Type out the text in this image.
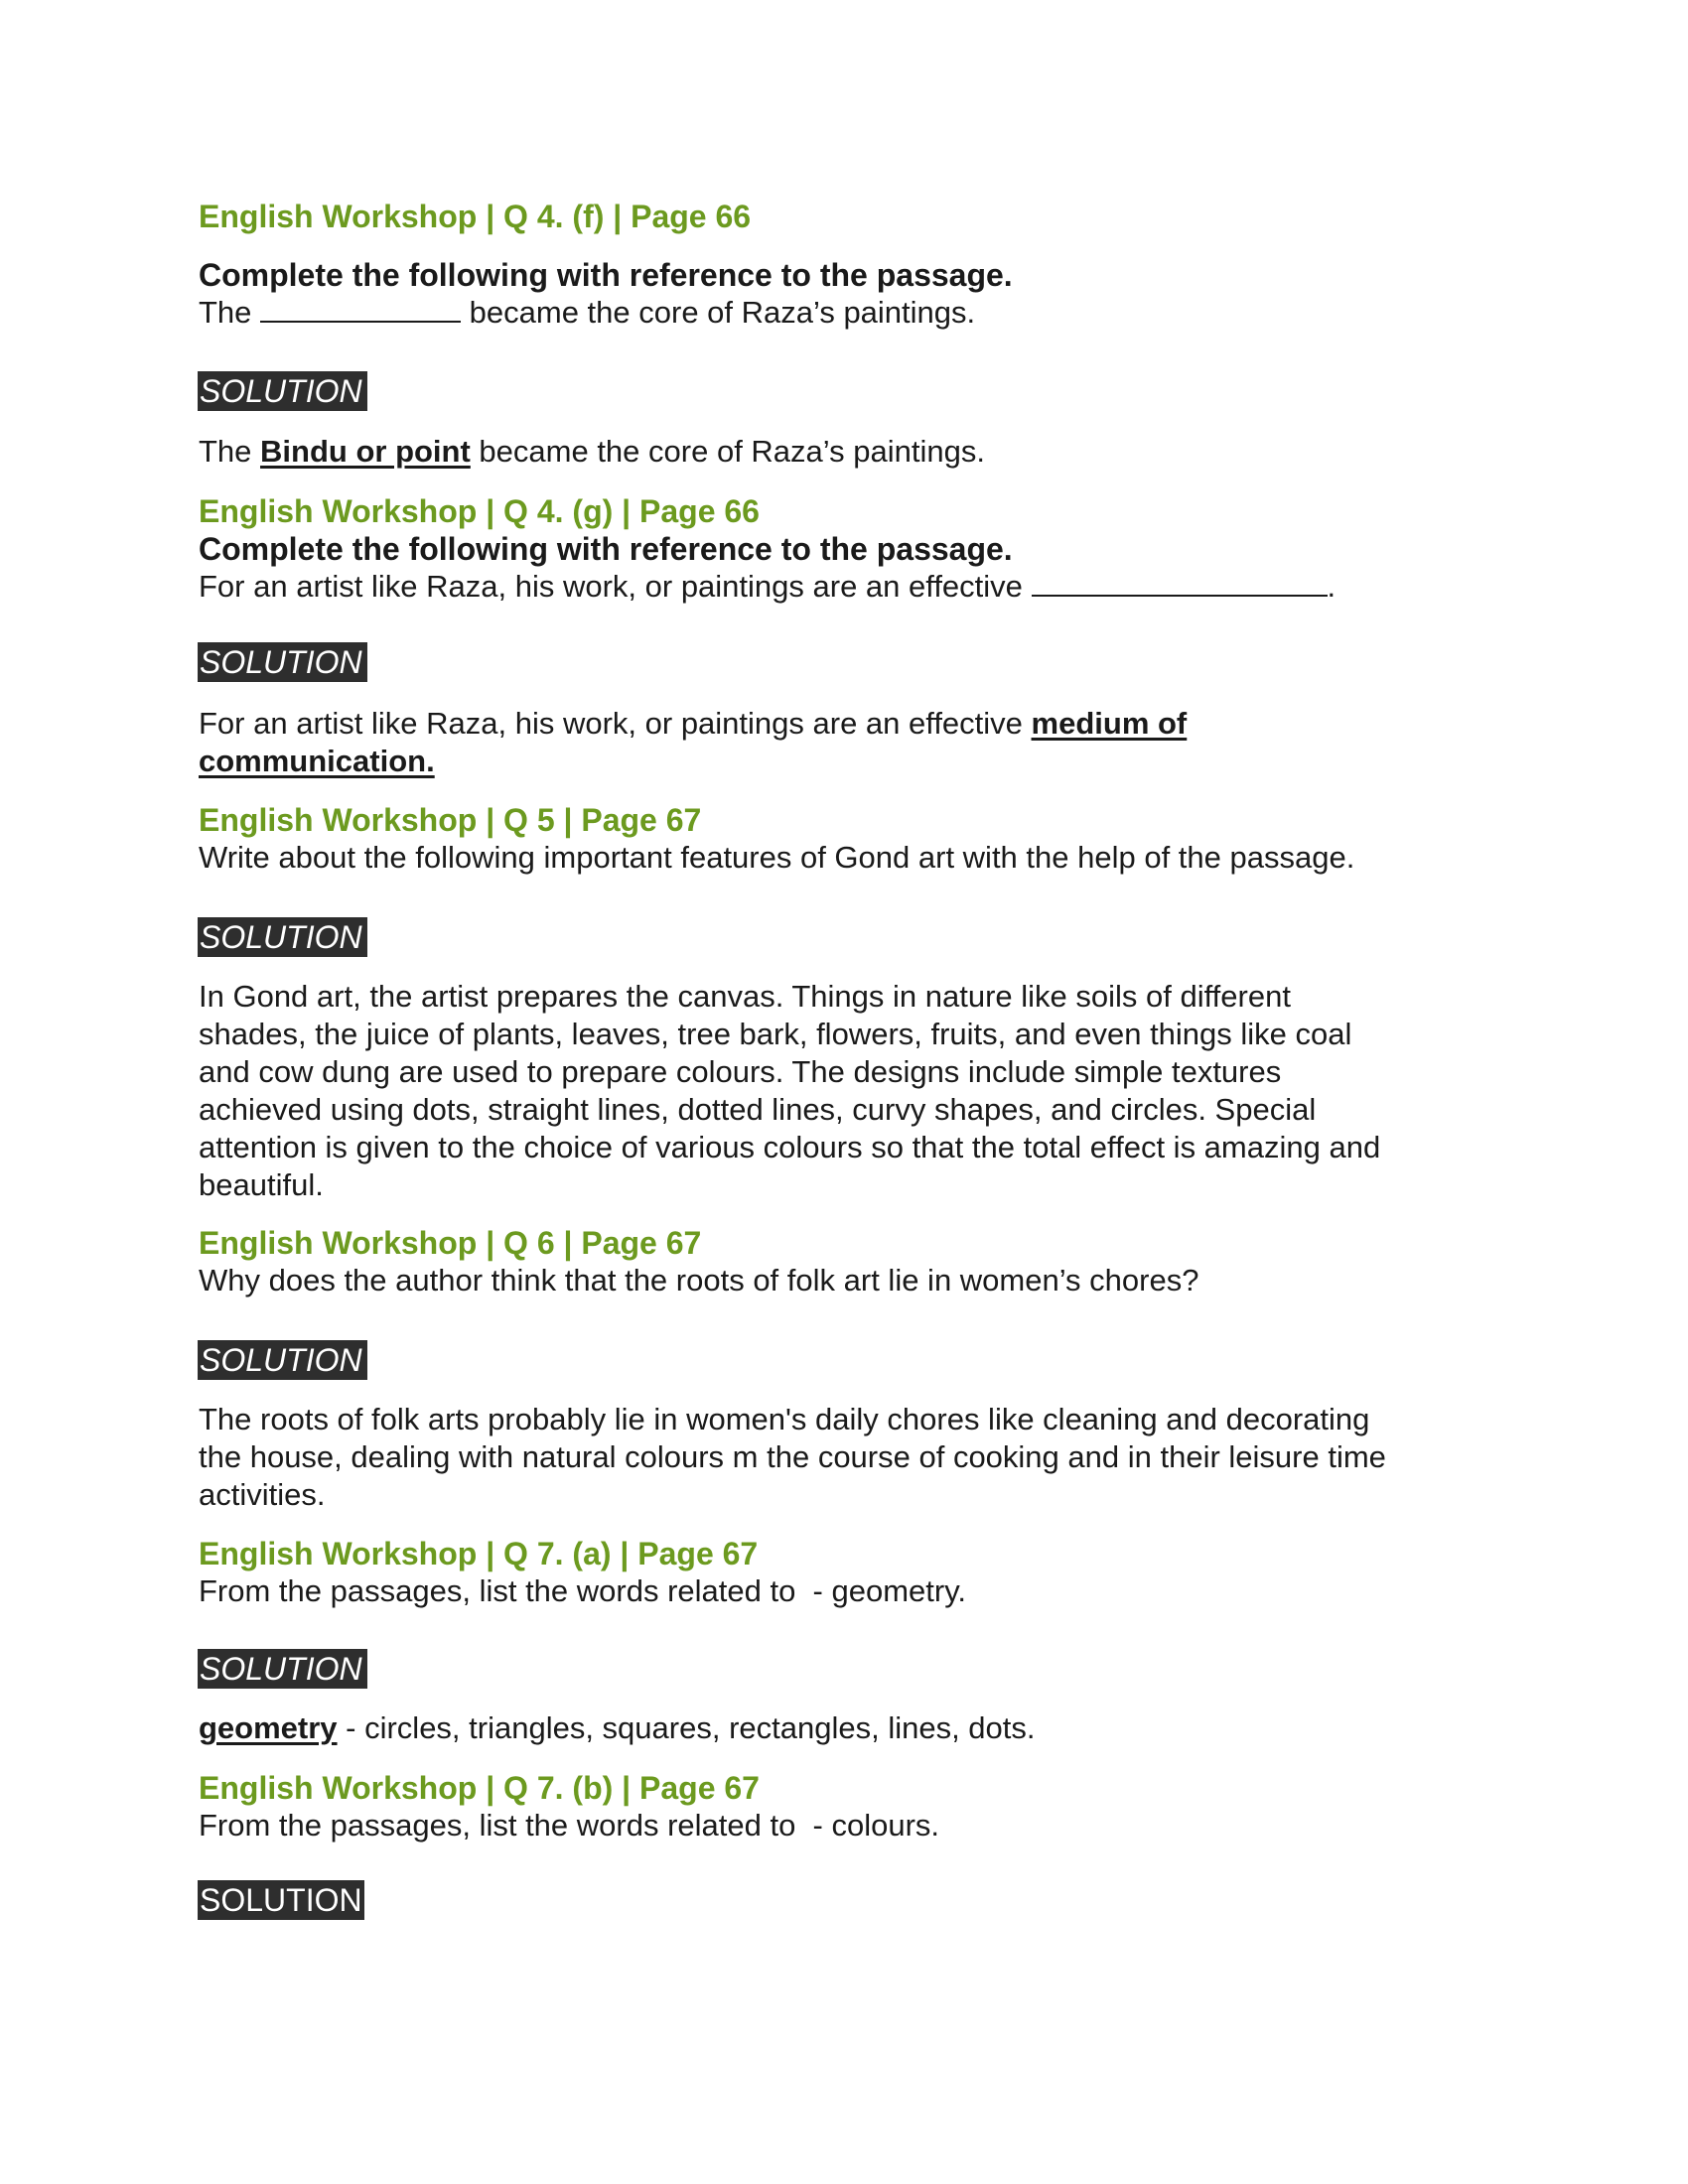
English Workshop | Q 4. (f) | Page 66

Complete the following with reference to the passage.

The	became the core of Raza’s paintings.

SOLUTION

The Bindu or point became the core of Raza’s paintings.

English Workshop | Q 4. (g) | Page 66

Complete the following with reference to the passage.

For an artist like Raza, his work, or paintings are an effective	.

SOLUTION

For an artist like Raza, his work, or paintings are an effective medium of

communication.

English Workshop | Q 5 | Page 67

Write about the following important features of Gond art with the help of the passage.

SOLUTION

In Gond art, the artist prepares the canvas. Things in nature like soils of different

shades, the juice of plants, leaves, tree bark, flowers, fruits, and even things like coal

and cow dung are used to prepare colours. The designs include simple textures

achieved using dots, straight lines, dotted lines, curvy shapes, and circles. Special

attention is given to the choice of various colours so that the total effect is amazing and

beautiful.

English Workshop | Q 6 | Page 67

Why does the author think that the roots of folk art lie in women’s chores?

SOLUTION

The roots of folk arts probably lie in women's daily chores like cleaning and decorating

the house, dealing with natural colours m the course of cooking and in their leisure time

activities.

English Workshop | Q 7. (a) | Page 67

From the passages, list the words related to  - geometry.

SOLUTION

geometry - circles, triangles, squares, rectangles, lines, dots.

English Workshop | Q 7. (b) | Page 67

From the passages, list the words related to  - colours.

SOLUTION
